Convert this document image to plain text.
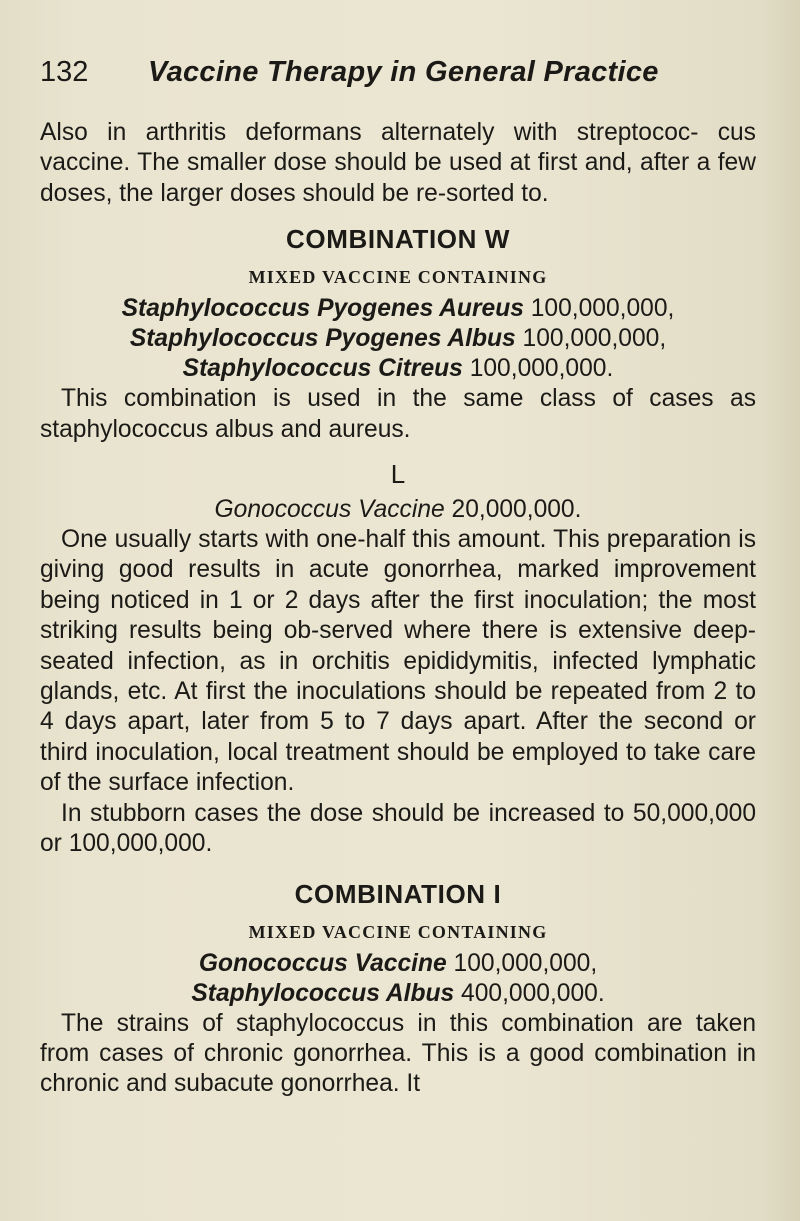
132 Vaccine Therapy in General Practice

Also in arthritis deformans alternately with streptococ- cus vaccine. The smaller dose should be used at first and, after a few doses, the larger doses should be re-sorted to.

COMBINATION W
MIXED VACCINE CONTAINING

Staphylococcus Pyogenes Aureus 100,000,000,

Staphylococcus Pyogenes Albus 100,000,000,

Staphylococcus Citreus 100,000,000.

This combination is used in the same class of cases as staphylococcus albus and aureus.

L

Gonococcus Vaccine 20,000,000.

One usually starts with one-half this amount. This preparation is giving good results in acute gonorrhea, marked improvement being noticed in 1 or 2 days after the first inoculation; the most striking results being ob-served where there is extensive deep-seated infection, as in orchitis epididymitis, infected lymphatic glands, etc. At first the inoculations should be repeated from 2 to 4 days apart, later from 5 to 7 days apart. After the second or third inoculation, local treatment should be employed to take care of the surface infection.

In stubborn cases the dose should be increased to 50,000,000 or 100,000,000.

COMBINATION I
MIXED VACCINE CONTAINING

Gonococcus Vaccine 100,000,000,

Staphylococcus Albus 400,000,000.

The strains of staphylococcus in this combination are taken from cases of chronic gonorrhea. This is a good combination in chronic and subacute gonorrhea. It
